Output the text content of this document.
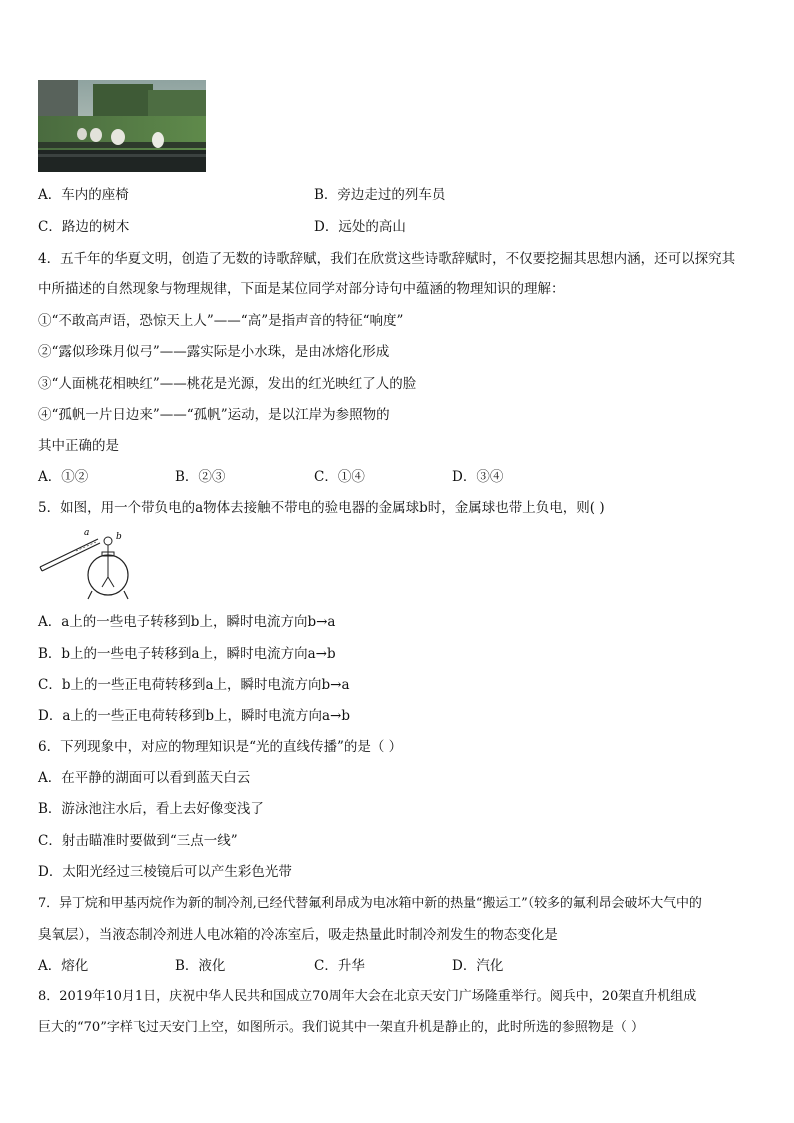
A．车内的座椅	B．旁边走过的列车员
C．路边的树木	D．远处的高山
4．五千年的华夏文明，创造了无数的诗歌辞赋，我们在欣赏这些诗歌辞赋时，不仅要挖掘其思想内涵，还可以探究其
中所描述的自然现象与物理规律，下面是某位同学对部分诗句中蕴涵的物理知识的理解：
①“不敢高声语，恐惊天上人”——“高”是指声音的特征“响度”
②“露似珍珠月似弓”——露实际是小水珠，是由冰熔化形成
③“人面桃花相映红”——桃花是光源，发出的红光映红了人的脸
④“孤帆一片日边来”——“孤帆”运动，是以江岸为参照物的
其中正确的是
A．①②	B．②③	C．①④	D．③④
5．如图，用一个带负电的a物体去接触不带电的验电器的金属球b时，金属球也带上负电，则( )
a	b
A．a上的一些电子转移到b上，瞬时电流方向b→a
B．b上的一些电子转移到a上，瞬时电流方向a→b
C．b上的一些正电荷转移到a上，瞬时电流方向b→a
D．a上的一些正电荷转移到b上，瞬时电流方向a→b
6．下列现象中，对应的物理知识是“光的直线传播”的是（ ）
A．在平静的湖面可以看到蓝天白云
B．游泳池注水后，看上去好像变浅了
C．射击瞄准时要做到“三点一线”
D．太阳光经过三棱镜后可以产生彩色光带
7．异丁烷和甲基丙烷作为新的制冷剂,已经代替氟利昂成为电冰箱中新的热量“搬运工”（较多的氟利昂会破坏大气中的
臭氧层），当液态制冷剂进人电冰箱的冷冻室后，吸走热量此时制冷剂发生的物态变化是
A．熔化	B．液化	C．升华	D．汽化
8．2019年10月1日，庆祝中华人民共和国成立70周年大会在北京天安门广场隆重举行。阅兵中，20架直升机组成
巨大的“70”字样飞过天安门上空，如图所示。我们说其中一架直升机是静止的，此时所选的参照物是（ ）
